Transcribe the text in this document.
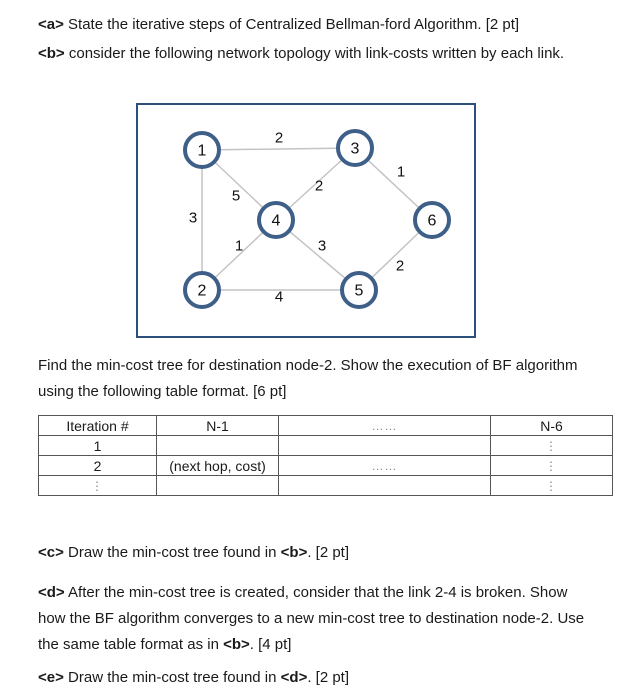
<a> State the iterative steps of Centralized Bellman-ford Algorithm. [2 pt]

<b> consider the following network topology with link-costs written by each link.

2
3
5
1
4
2
1
3
2
1
2
3
4
5
6

Find the min-cost tree for destination node-2. Show the execution of BF algorithm using the following table format. [6 pt]

Iteration #	N-1	……	N-6
1			⋮
2	(next hop, cost)	……	⋮
⋮			⋮

<c> Draw the min-cost tree found in <b>. [2 pt]

<d> After the min-cost tree is created, consider that the link 2-4 is broken. Show how the BF algorithm converges to a new min-cost tree to destination node-2. Use the same table format as in <b>. [4 pt]

<e> Draw the min-cost tree found in <d>. [2 pt]
